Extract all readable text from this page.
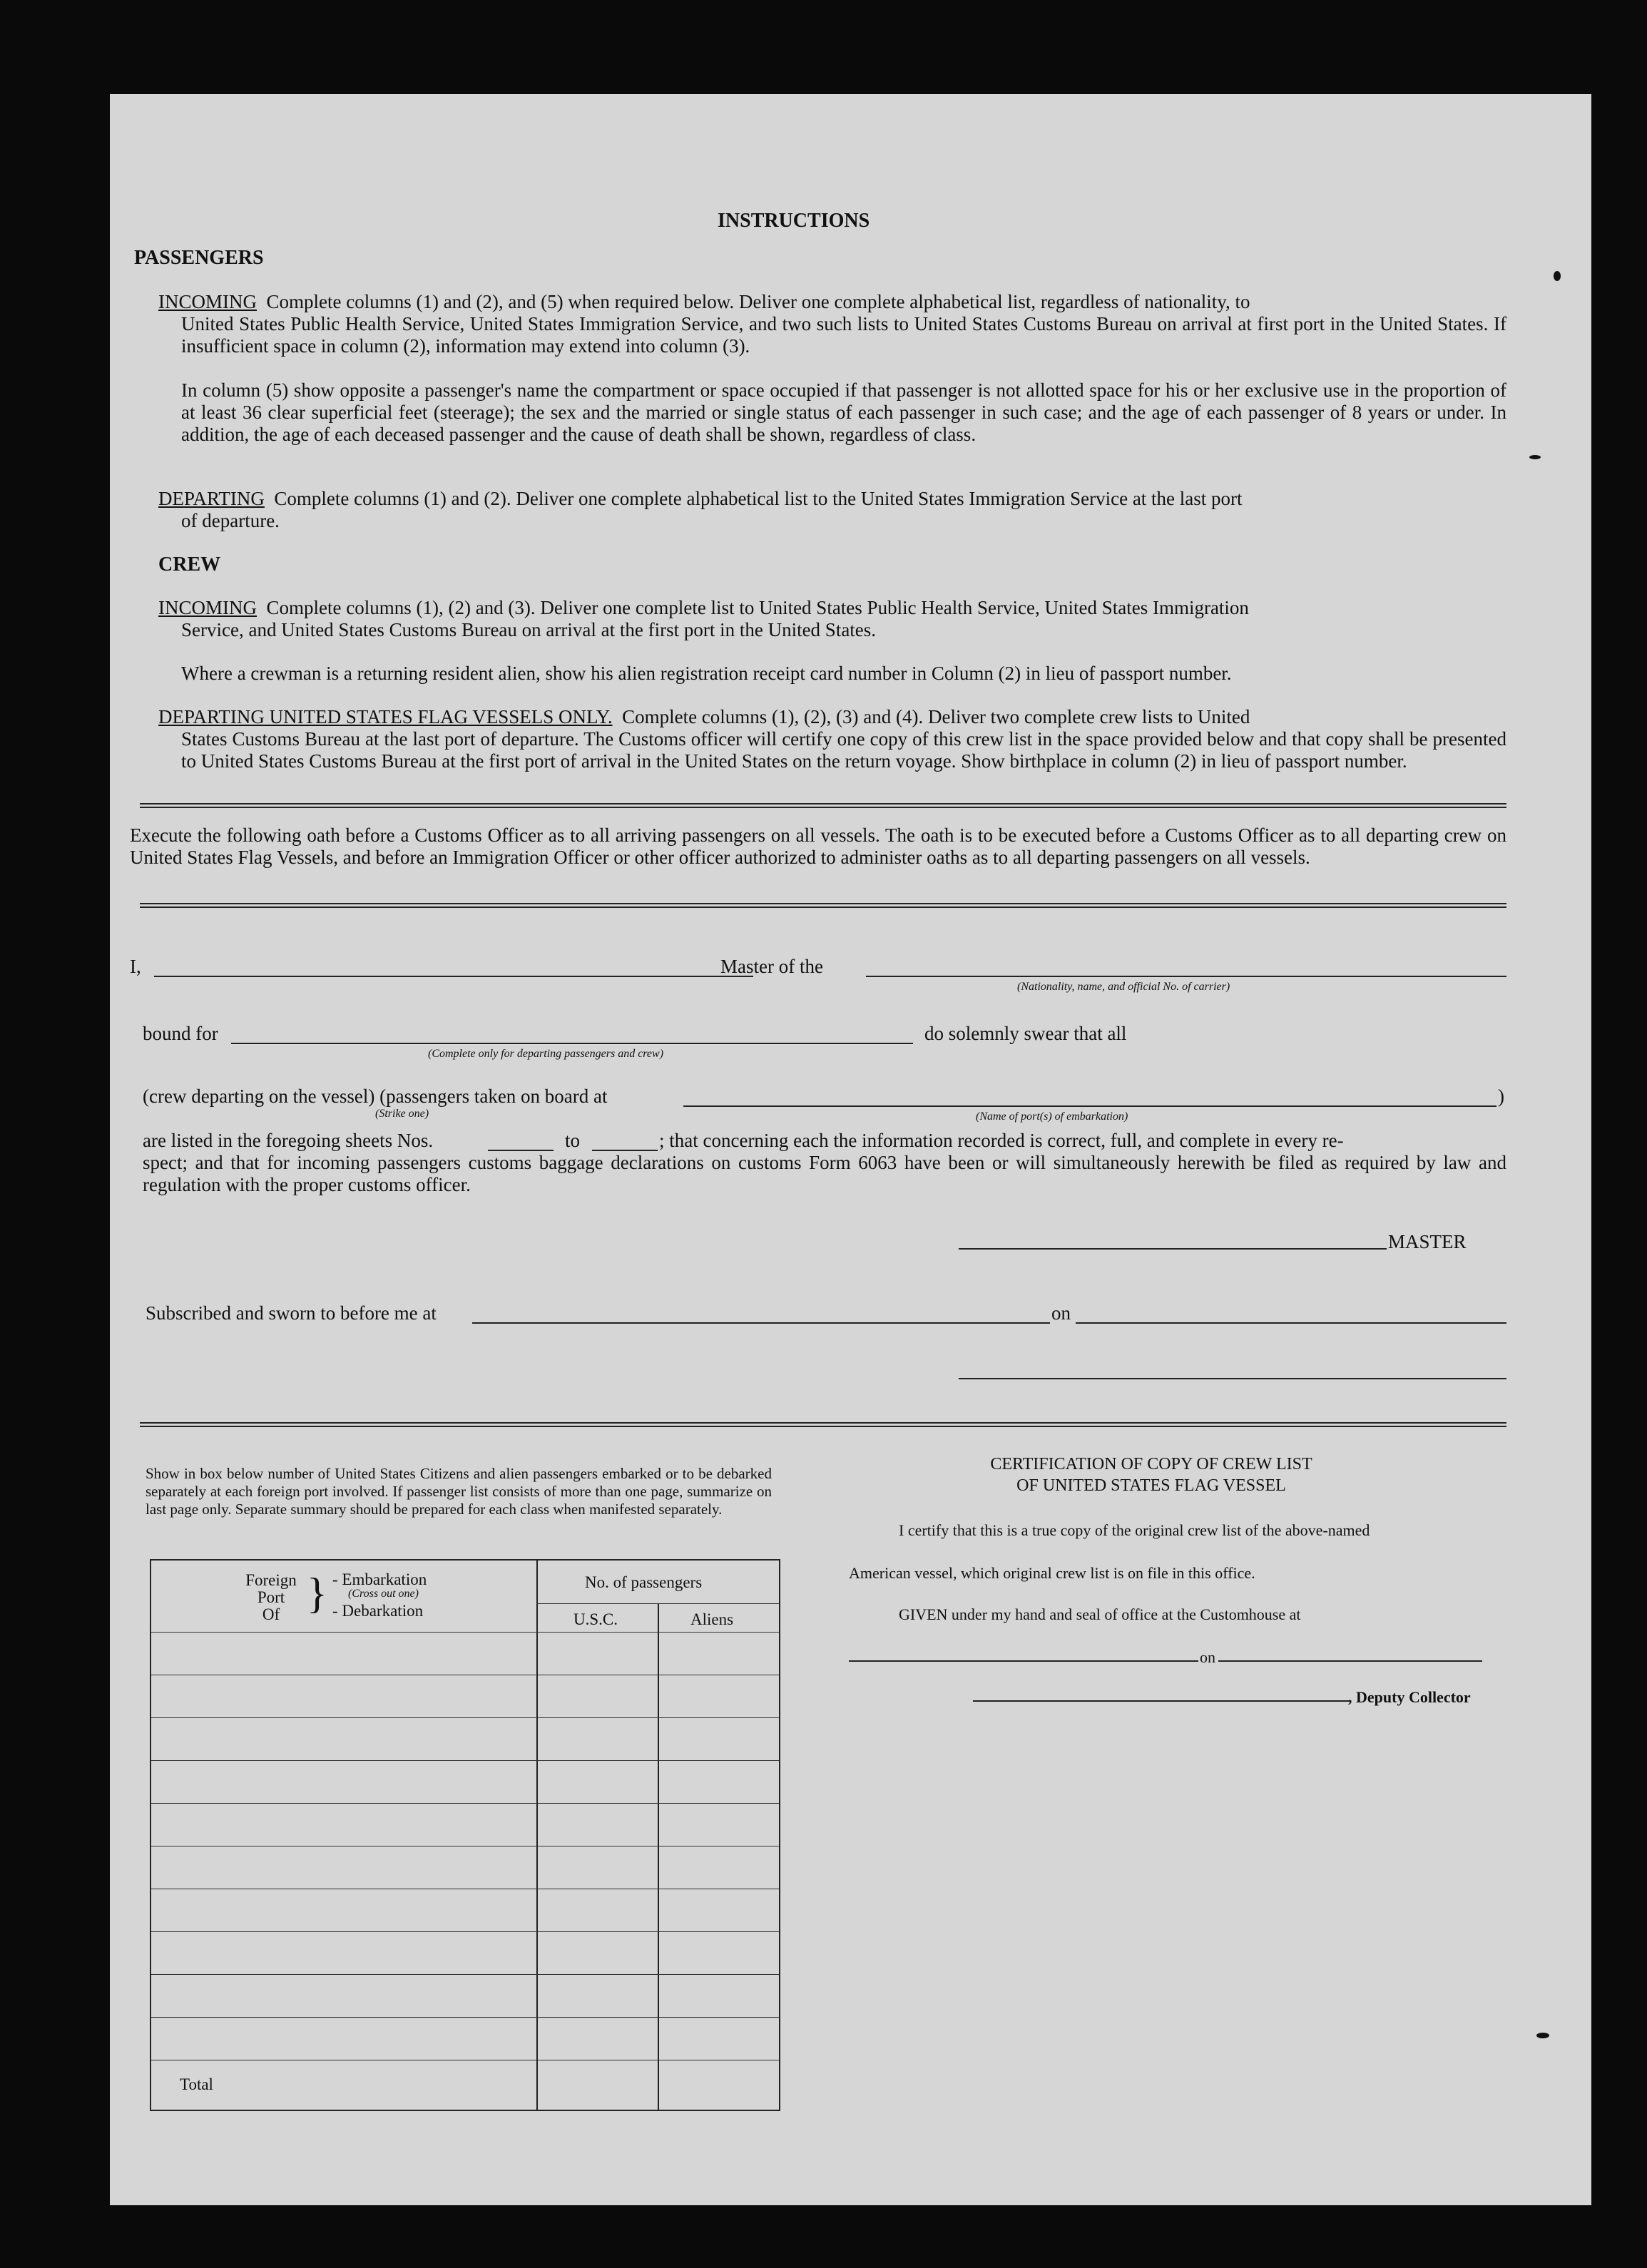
INSTRUCTIONS
PASSENGERS
INCOMING Complete columns (1) and (2), and (5) when required below. Deliver one complete alphabetical list, regardless of nationality, to
United States Public Health Service, United States Immigration Service, and two such lists to United States Customs Bureau on arrival at first port in the United States. If insufficient space in column (2), information may extend into column (3).
In column (5) show opposite a passenger's name the compartment or space occupied if that passenger is not allotted space for his or her exclusive use in the proportion of at least 36 clear superficial feet (steerage); the sex and the married or single status of each passenger in such case; and the age of each passenger of 8 years or under. In addition, the age of each deceased passenger and the cause of death shall be shown, regardless of class.
DEPARTING Complete columns (1) and (2). Deliver one complete alphabetical list to the United States Immigration Service at the last port
of departure.
CREW
INCOMING Complete columns (1), (2) and (3). Deliver one complete list to United States Public Health Service, United States Immigration
Service, and United States Customs Bureau on arrival at the first port in the United States.
Where a crewman is a returning resident alien, show his alien registration receipt card number in Column (2) in lieu of passport number.
DEPARTING UNITED STATES FLAG VESSELS ONLY. Complete columns (1), (2), (3) and (4). Deliver two complete crew lists to United
States Customs Bureau at the last port of departure. The Customs officer will certify one copy of this crew list in the space provided below and that copy shall be presented to United States Customs Bureau at the first port of arrival in the United States on the return voyage. Show birthplace in column (2) in lieu of passport number.
Execute the following oath before a Customs Officer as to all arriving passengers on all vessels. The oath is to be executed before a Customs Officer as to all departing crew on United States Flag Vessels, and before an Immigration Officer or other officer authorized to administer oaths as to all departing passengers on all vessels.
I,	Master of the
(Nationality, name, and official No. of carrier)
bound for
(Complete only for departing passengers and crew)
do solemnly swear that all
(crew departing on the vessel) (passengers taken on board at
(Strike one)	(Name of port(s) of embarkation)
)
are listed in the foregoing sheets Nos.	to	; that concerning each the information recorded is correct, full, and complete in every re-
spect; and that for incoming passengers customs baggage declarations on customs Form 6063 have been or will simultaneously herewith be filed as required by law and regulation with the proper customs officer.
MASTER
Subscribed and sworn to before me at	on
Show in box below number of United States Citizens and alien passengers embarked or to be debarked separately at each foreign port involved. If passenger list consists of more than one page, summarize on last page only. Separate summary should be prepared for each class when manifested separately.
No. of passengers
U.S.C.	Aliens
Foreign
Port
Of } - Embarkation
(Cross out one)
- Debarkation
Total
CERTIFICATION OF COPY OF CREW LIST
OF UNITED STATES FLAG VESSEL
I certify that this is a true copy of the original crew list of the above-named
American vessel, which original crew list is on file in this office.
GIVEN under my hand and seal of office at the Customhouse at
on
, Deputy Collector
